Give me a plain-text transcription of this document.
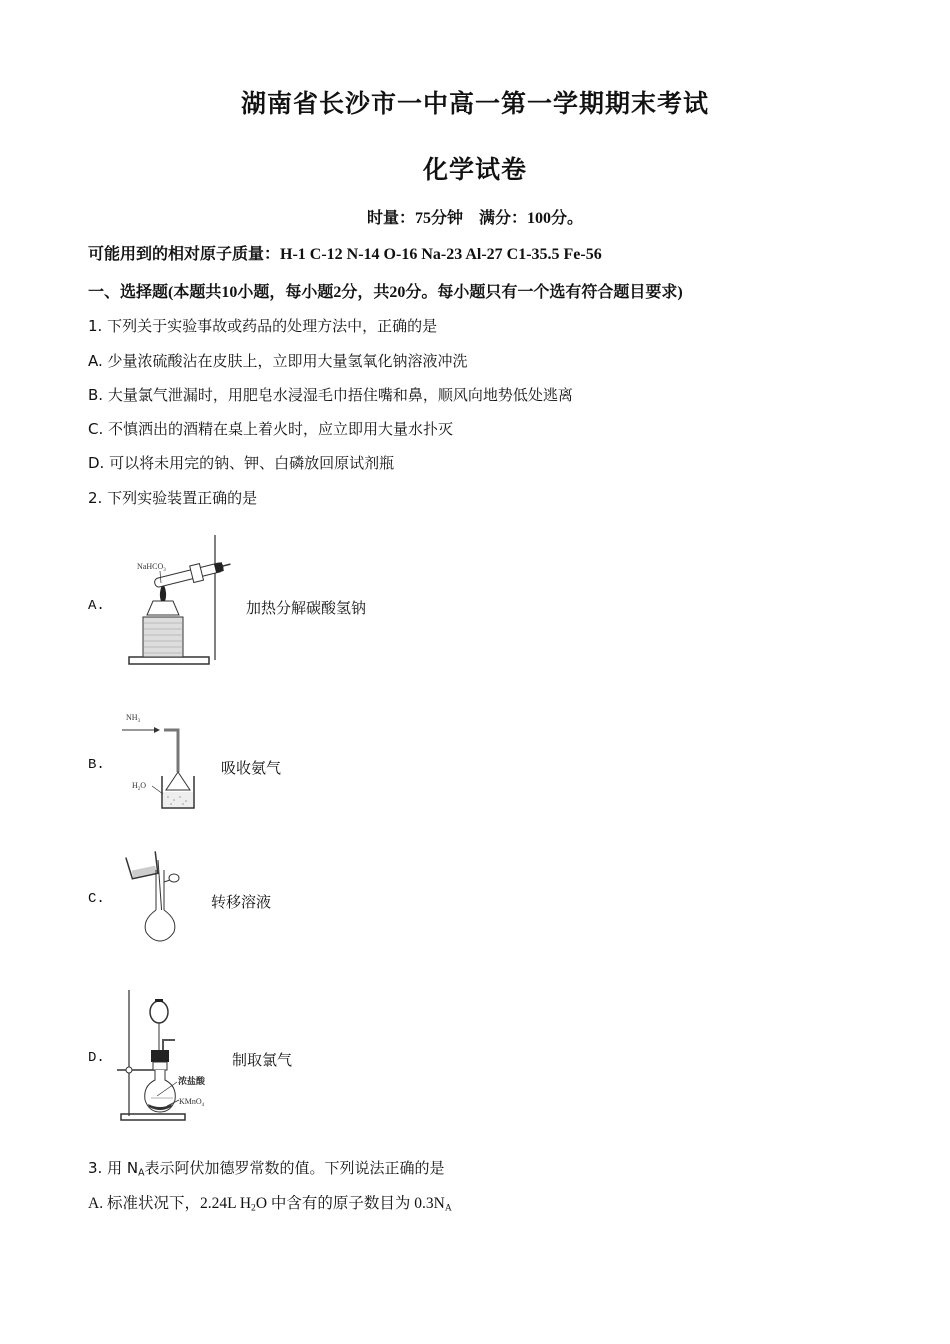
湖南省长沙市一中高一第一学期期末考试
化学试卷
时量：75分钟　满分：100分。
可能用到的相对原子质量：H-1 C-12 N-14 O-16 Na-23 Al-27 C1-35.5 Fe-56
一、选择题(本题共10小题，每小题2分，共20分。每小题只有一个选有符合题目要求)
1. 下列关于实验事故或药品的处理方法中，正确的是
A. 少量浓硫酸沾在皮肤上，立即用大量氢氧化钠溶液冲洗
B. 大量氯气泄漏时，用肥皂水浸湿毛巾捂住嘴和鼻，顺风向地势低处逃离
C. 不慎洒出的酒精在桌上着火时，应立即用大量水扑灭
D. 可以将未用完的钠、钾、白磷放回原试剂瓶
2. 下列实验装置正确的是
A.
NaHCO$_3$
加热分解碳酸氢钠
B.
$NH_3$
$H_2O$
吸收氨气
C.	转移溶液
D.
浓盐酸
KMnO$_4$
制取氯气
3. 用 $N_A$表示阿伏加德罗常数的值。下列说法正确的是
A. 标准状况下，2.24L $H_2O$ 中含有的原子数目为 $0.3N_A$
